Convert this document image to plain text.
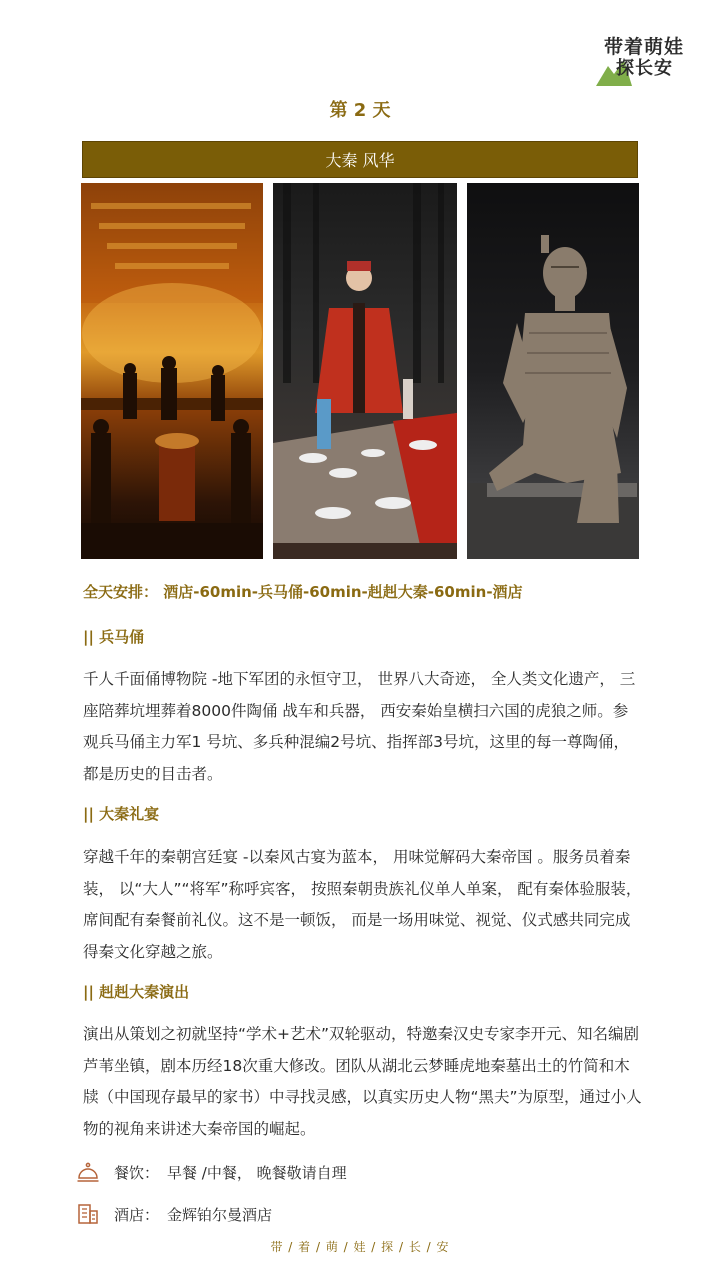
带着萌娃
探长安
第 2 天
大秦 风华
全天安排： 酒店-60min-兵马俑-60min-赳赳大秦-60min-酒店
|| 兵马俑
千人千面俑博物院 -地下军团的永恒守卫， 世界八大奇迹， 全人类文化遗产， 三座陪葬坑埋葬着8000件陶俑 战车和兵器， 西安秦始皇横扫六国的虎狼之师。参观兵马俑主力军1 号坑、多兵种混编2号坑、指挥部3号坑，这里的每一尊陶俑， 都是历史的目击者。
|| 大秦礼宴
穿越千年的秦朝宫廷宴 -以秦风古宴为蓝本， 用味觉解码大秦帝国 。服务员着秦装， 以“大人”“将军”称呼宾客， 按照秦朝贵族礼仪单人单案， 配有秦体验服装，席间配有秦餐前礼仪。这不是一顿饭， 而是一场用味觉、视觉、仪式感共同完成得秦文化穿越之旅。
|| 赳赳大秦演出
演出从策划之初就坚持“学术+艺术”双轮驱动，特邀秦汉史专家李开元、知名编剧芦苇坐镇，剧本历经18次重大修改。团队从湖北云梦睡虎地秦墓出土的竹简和木牍（中国现存最早的家书）中寻找灵感，以真实历史人物“黑夫”为原型，通过小人物的视角来讲述大秦帝国的崛起。
餐饮： 早餐 /中餐， 晚餐敬请自理
酒店： 金辉铂尔曼酒店
带 / 着 / 萌 / 娃 / 探 / 长 / 安
